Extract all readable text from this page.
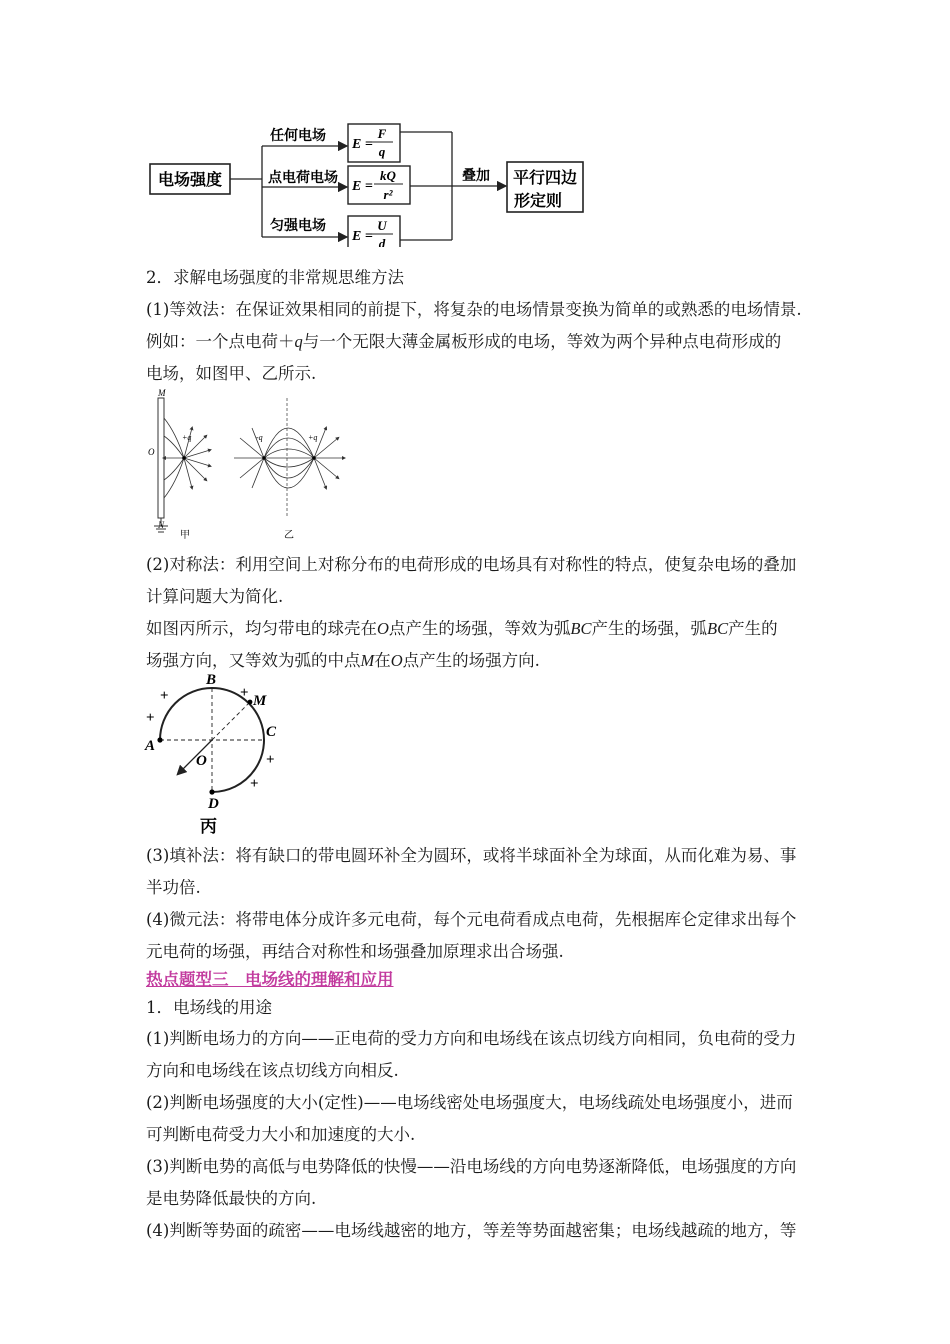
电场强度
任何电场
点电荷电场
匀强电场
E =
F
q
E =
kQ
r²
E =
U
d
叠加 平行四边
形定则
2．求解电场强度的非常规思维方法
(1)等效法：在保证效果相同的前提下，将复杂的电场情景变换为简单的或熟悉的电场情景.
例如：一个点电荷＋q与一个无限大薄金属板形成的电场，等效为两个异种点电荷形成的
电场，如图甲、乙所示.
M
O
N
+q
甲
-q	+q
乙
(2)对称法：利用空间上对称分布的电荷形成的电场具有对称性的特点，使复杂电场的叠加
计算问题大为简化.
如图丙所示，均匀带电的球壳在O点产生的场强，等效为弧BC产生的场强，弧BC产生的
场强方向，又等效为弧的中点M在O点产生的场强方向.
B
M
C
A
O
D
+
+
+
+
+
丙
(3)填补法：将有缺口的带电圆环补全为圆环，或将半球面补全为球面，从而化难为易、事
半功倍.
(4)微元法：将带电体分成许多元电荷，每个元电荷看成点电荷，先根据库仑定律求出每个
元电荷的场强，再结合对称性和场强叠加原理求出合场强.
热点题型三　电场线的理解和应用
1．电场线的用途
(1)判断电场力的方向——正电荷的受力方向和电场线在该点切线方向相同，负电荷的受力
方向和电场线在该点切线方向相反.
(2)判断电场强度的大小(定性)——电场线密处电场强度大，电场线疏处电场强度小，进而
可判断电荷受力大小和加速度的大小.
(3)判断电势的高低与电势降低的快慢——沿电场线的方向电势逐渐降低，电场强度的方向
是电势降低最快的方向.
(4)判断等势面的疏密——电场线越密的地方，等差等势面越密集；电场线越疏的地方，等
